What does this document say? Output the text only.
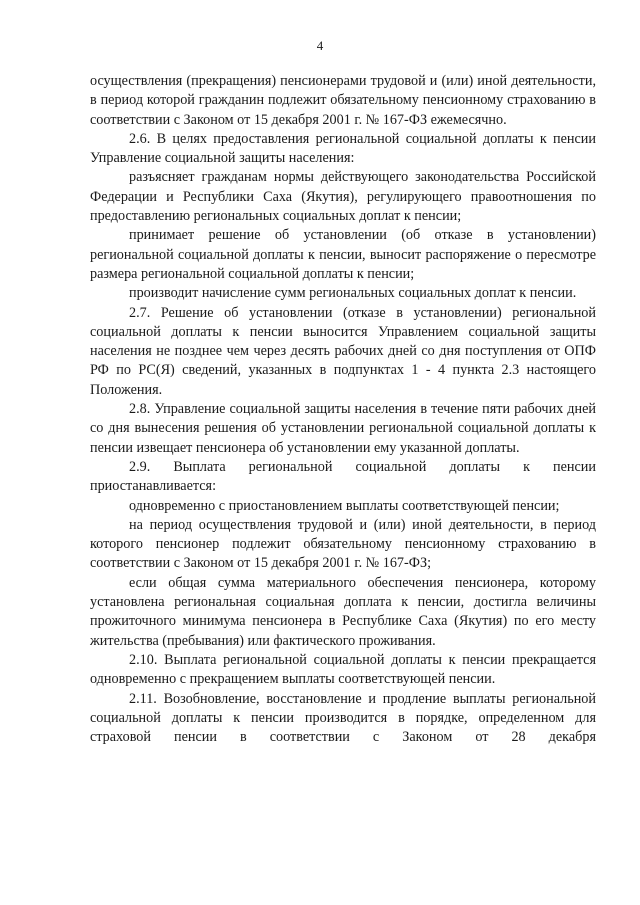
4

осуществления (прекращения) пенсионерами трудовой и (или) иной деятельности, в период которой гражданин подлежит обязательному пенсионному страхованию в соответствии с Законом от 15 декабря 2001 г. № 167-ФЗ ежемесячно.

2.6. В целях предоставления региональной социальной доплаты к пенсии Управление социальной защиты населения:

разъясняет гражданам нормы действующего законодательства Российской Федерации и Республики Саха (Якутия), регулирующего правоотношения по предоставлению региональных социальных доплат к пенсии;

принимает решение об установлении (об отказе в установлении) региональной социальной доплаты к пенсии, выносит распоряжение о пересмотре размера региональной социальной доплаты к пенсии;

производит начисление сумм региональных социальных доплат к пенсии.

2.7. Решение об установлении (отказе в установлении) региональной социальной доплаты к пенсии выносится Управлением социальной защиты населения не позднее чем через десять рабочих дней со дня поступления от ОПФ РФ по РС(Я) сведений, указанных в подпунктах 1 - 4 пункта 2.3 настоящего Положения.

2.8. Управление социальной защиты населения в течение пяти рабочих дней со дня вынесения решения об установлении региональной социальной доплаты к пенсии извещает пенсионера об установлении ему указанной доплаты.

2.9. Выплата региональной социальной доплаты к пенсии приостанавливается:

одновременно с приостановлением выплаты соответствующей пенсии;

на период осуществления трудовой и (или) иной деятельности, в период которого пенсионер подлежит обязательному пенсионному страхованию в соответствии с Законом от 15 декабря 2001 г. № 167-ФЗ;

если общая сумма материального обеспечения пенсионера, которому установлена региональная социальная доплата к пенсии, достигла величины прожиточного минимума пенсионера в Республике Саха (Якутия) по его месту жительства (пребывания) или фактического проживания.

2.10. Выплата региональной социальной доплаты к пенсии прекращается одновременно с прекращением выплаты соответствующей пенсии.

2.11. Возобновление, восстановление и продление выплаты региональной социальной доплаты к пенсии производится в порядке, определенном для страховой пенсии в соответствии с Законом от 28 декабря
